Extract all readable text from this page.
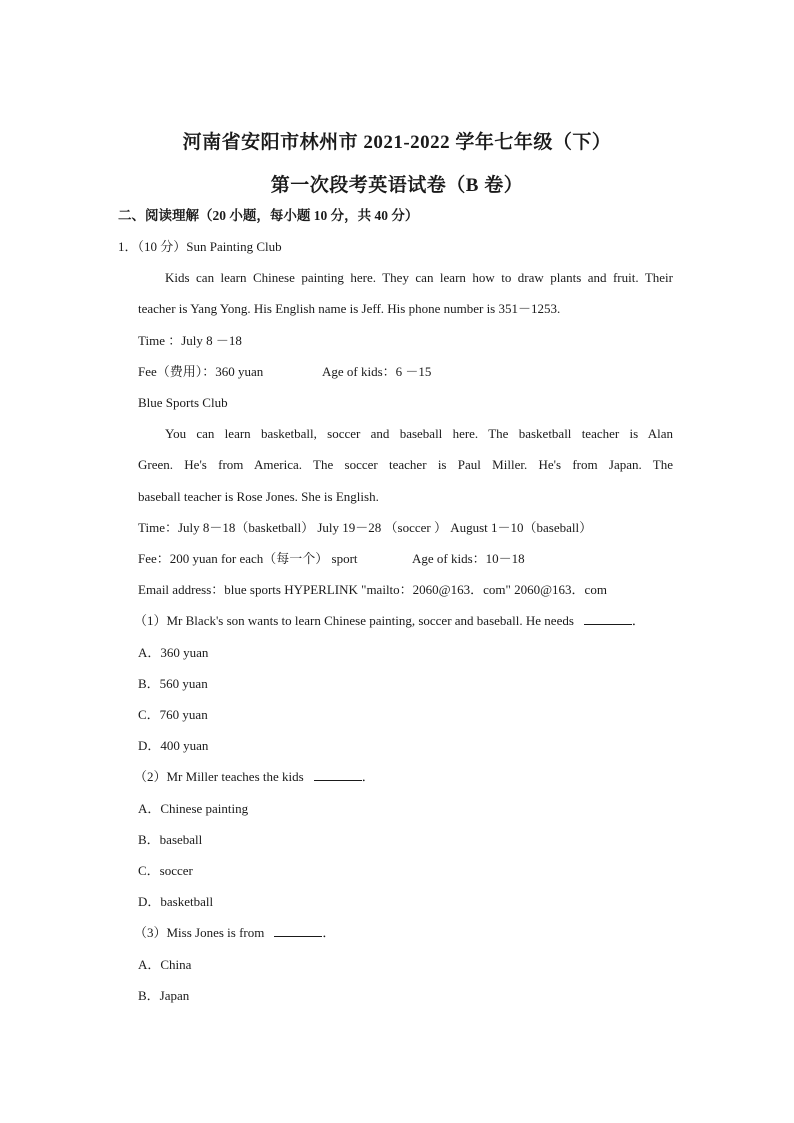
河南省安阳市林州市 2021-2022 学年七年级（下）
第一次段考英语试卷（B 卷）
二、阅读理解（20 小题，每小题 10 分，共 40 分）
1．（10 分）Sun Painting Club
Kids can learn Chinese painting here. They can learn how to draw plants and fruit. Their
teacher is Yang Yong. His English name is Jeff. His phone number is 351－1253.
Time ：July 8 －18
Fee（费用）：360 yuan	Age of kids：6 －15
Blue Sports Club
You can learn basketball, soccer and baseball here. The basketball teacher is Alan
Green. He's from America. The soccer teacher is Paul Miller. He's from Japan. The
baseball teacher is Rose Jones. She is English.
Time：July 8－18（basketball） July 19－28 （soccer ） August 1－10（baseball）
Fee：200 yuan for each（每一个） sport	Age of kids：10－18
Email address：blue sports HYPERLINK "mailto：2060@163．com" 2060@163．com
（1）Mr Black's son wants to learn Chinese painting, soccer and baseball. He needs	．
A．360 yuan
B．560 yuan
C．760 yuan
D．400 yuan
（2）Mr Miller teaches the kids	．
A．Chinese painting
B．baseball
C．soccer
D．basketball
（3）Miss Jones is from	．
A．China
B．Japan
